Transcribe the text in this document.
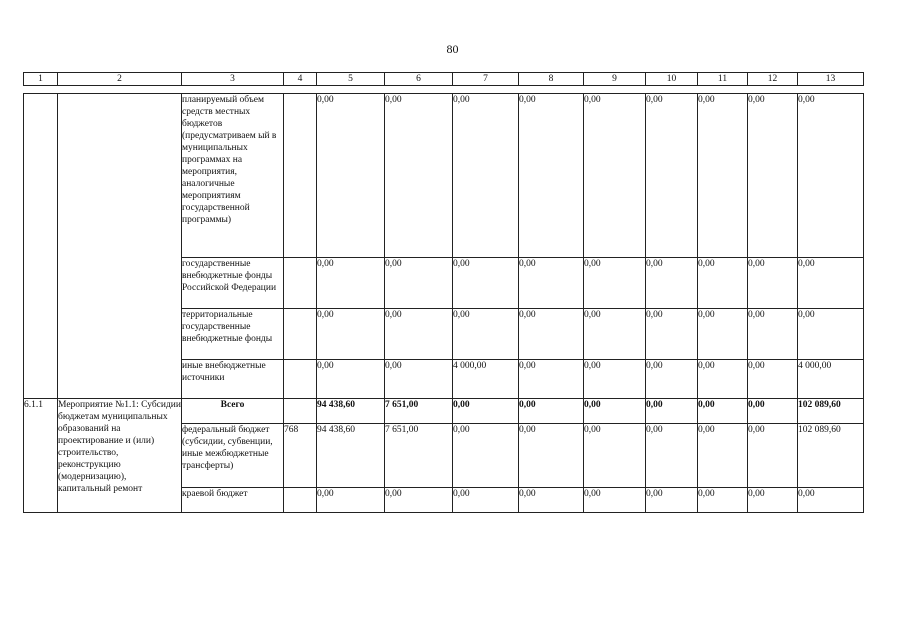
80
1	2	3	4	5	6	7	8	9	10	11	12	13
		планируемый объем средств местных бюджетов (предусматриваем ый в муниципальных программах на мероприятия, аналогичные мероприятиям государственной программы)		0,00	0,00	0,00	0,00	0,00	0,00	0,00	0,00	0,00
		государственные внебюджетные фонды Российской Федерации		0,00	0,00	0,00	0,00	0,00	0,00	0,00	0,00	0,00
		территориальные государственные внебюджетные фонды		0,00	0,00	0,00	0,00	0,00	0,00	0,00	0,00	0,00
		иные внебюджетные источники		0,00	0,00	4 000,00	0,00	0,00	0,00	0,00	0,00	4 000,00
6.1.1	Мероприятие №1.1: Субсидии бюджетам муниципальных образований на проектирование и (или) строительство, реконструкцию (модернизацию), капитальный ремонт	Всего		94 438,60	7 651,00	0,00	0,00	0,00	0,00	0,00	0,00	102 089,60
		федеральный бюджет (субсидии, субвенции, иные межбюджетные трансферты)	768	94 438,60	7 651,00	0,00	0,00	0,00	0,00	0,00	0,00	102 089,60
		краевой бюджет		0,00	0,00	0,00	0,00	0,00	0,00	0,00	0,00	0,00
